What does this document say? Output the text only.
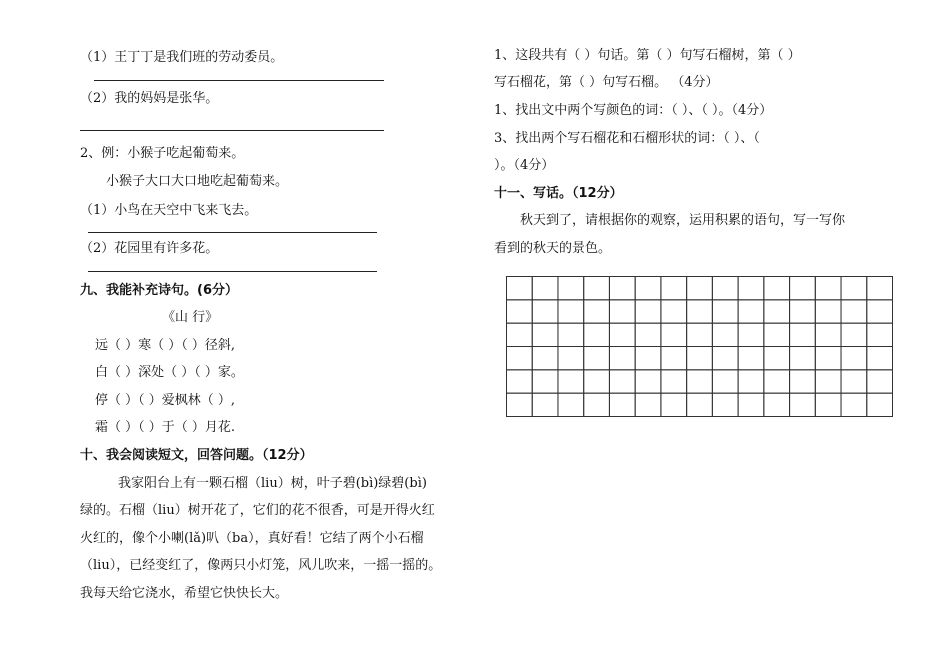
（1）王丁丁是我们班的劳动委员。
（2）我的妈妈是张华。
2、例：小猴子吃起葡萄来。
小猴子大口大口地吃起葡萄来。
（1）小鸟在天空中飞来飞去。
（2）花园里有许多花。
九、我能补充诗句。(6分）
《山 行》
远（ ）寒（ ）（ ）径斜,
白（ ）深处（ ）（ ）家。
停（ ）（ ）爱枫林（ ）,
霜（ ）（ ）于（ ）月花.
十、我会阅读短文，回答问题。（12分）
我家阳台上有一颗石榴（liu）树，叶子碧(bì)绿碧(bì)
绿的。石榴（liu）树开花了，它们的花不很香，可是开得火红
火红的，像个小喇(lǎ)叭（ba），真好看！它结了两个小石榴
（liu），已经变红了，像两只小灯笼，风儿吹来，一摇一摇的。
我每天给它浇水，希望它快快长大。
1、这段共有（ ）句话。第（ ）句写石榴树，第（ ）
写石榴花，第（ ）句写石榴。 （4分）
1、找出文中两个写颜色的词：（ ）、（ ）。（4分）
3、找出两个写石榴花和石榴形状的词：（ ）、（
）。（4分）
十一、写话。（12分）
秋天到了，请根据你的观察，运用积累的语句，写一写你
看到的秋天的景色。
